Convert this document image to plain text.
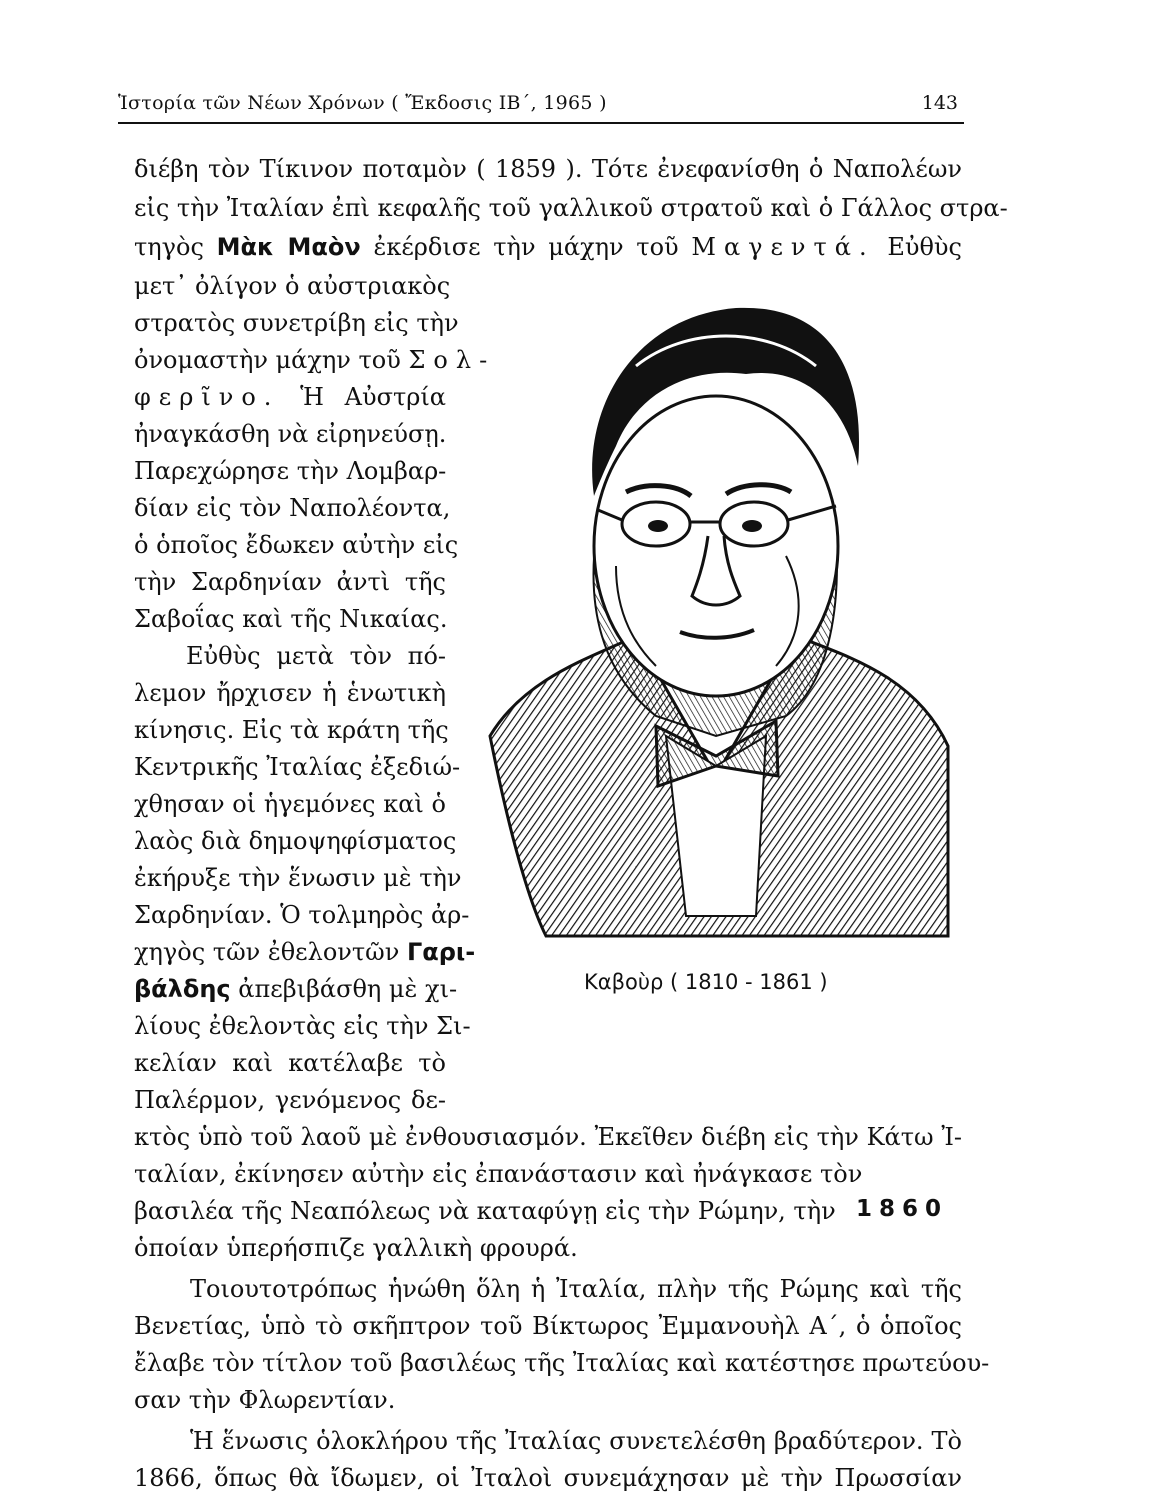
Ἱστορία τῶν Νέων Χρόνων ( Ἔκδοσις ΙΒ΄, 1965 )	143
διέβη τὸν Τίκινον ποταμὸν ( 1859 ). Τότε ἐνεφανίσθη ὁ Ναπολέων
εἰς τὴν Ἰταλίαν ἐπὶ κεφαλῆς τοῦ γαλλικοῦ στρατοῦ καὶ ὁ Γάλλος στρα-
τηγὸς Μὰκ Μαὸν ἐκέρδισε τὴν μάχην τοῦ Μαγεντά. Εὐθὺς
μετ᾽ ὀλίγον ὁ αὐστριακὸς
στρατὸς συνετρίβη εἰς τὴν
ὀνομαστὴν μάχην τοῦ Σολ-
φερῖνο. Ἡ Αὐστρία
ἠναγκάσθη νὰ εἰρηνεύσῃ.
Παρεχώρησε τὴν Λομβαρ-
δίαν εἰς τὸν Ναπολέοντα,
ὁ ὁποῖος ἔδωκεν αὐτὴν εἰς
τὴν Σαρδηνίαν ἀντὶ τῆς
Σαβοΐας καὶ τῆς Νικαίας.
Εὐθὺς μετὰ τὸν πό-
λεμον ἤρχισεν ἡ ἑνωτικὴ
κίνησις. Εἰς τὰ κράτη τῆς
Κεντρικῆς Ἰταλίας ἐξεδιώ-
χθησαν οἱ ἡγεμόνες καὶ ὁ
λαὸς διὰ δημοψηφίσματος
ἐκήρυξε τὴν ἕνωσιν μὲ τὴν
Σαρδηνίαν. Ὁ τολμηρὸς ἀρ-
χηγὸς τῶν ἐθελοντῶν Γαρι-
βάλδης ἀπεβιβάσθη μὲ χι-
λίους ἐθελοντὰς εἰς τὴν Σι-
κελίαν καὶ κατέλαβε τὸ
Παλέρμον, γενόμενος δε-
κτὸς ὑπὸ τοῦ λαοῦ μὲ ἐνθουσιασμόν. Ἐκεῖθεν διέβη εἰς τὴν Κάτω Ἰ-
ταλίαν, ἐκίνησεν αὐτὴν εἰς ἐπανάστασιν καὶ ἠνάγκασε τὸν
βασιλέα τῆς Νεαπόλεως νὰ καταφύγῃ εἰς τὴν Ρώμην, τὴν
ὁποίαν ὑπερήσπιζε γαλλικὴ φρουρά.
1860
Τοιουτοτρόπως ἡνώθη ὅλη ἡ Ἰταλία, πλὴν τῆς Ρώμης καὶ τῆς
Βενετίας, ὑπὸ τὸ σκῆπτρον τοῦ Βίκτωρος Ἐμμανουὴλ Α΄, ὁ ὁποῖος
ἔλαβε τὸν τίτλον τοῦ βασιλέως τῆς Ἰταλίας καὶ κατέστησε πρωτεύου-
σαν τὴν Φλωρεντίαν.
Ἡ ἕνωσις ὁλοκλήρου τῆς Ἰταλίας συνετελέσθη βραδύτερον. Τὸ
1866, ὅπως θὰ ἴδωμεν, οἱ Ἰταλοὶ συνεμάχησαν μὲ τὴν Πρωσσίαν
Καβοὺρ ( 1810 - 1861 )
